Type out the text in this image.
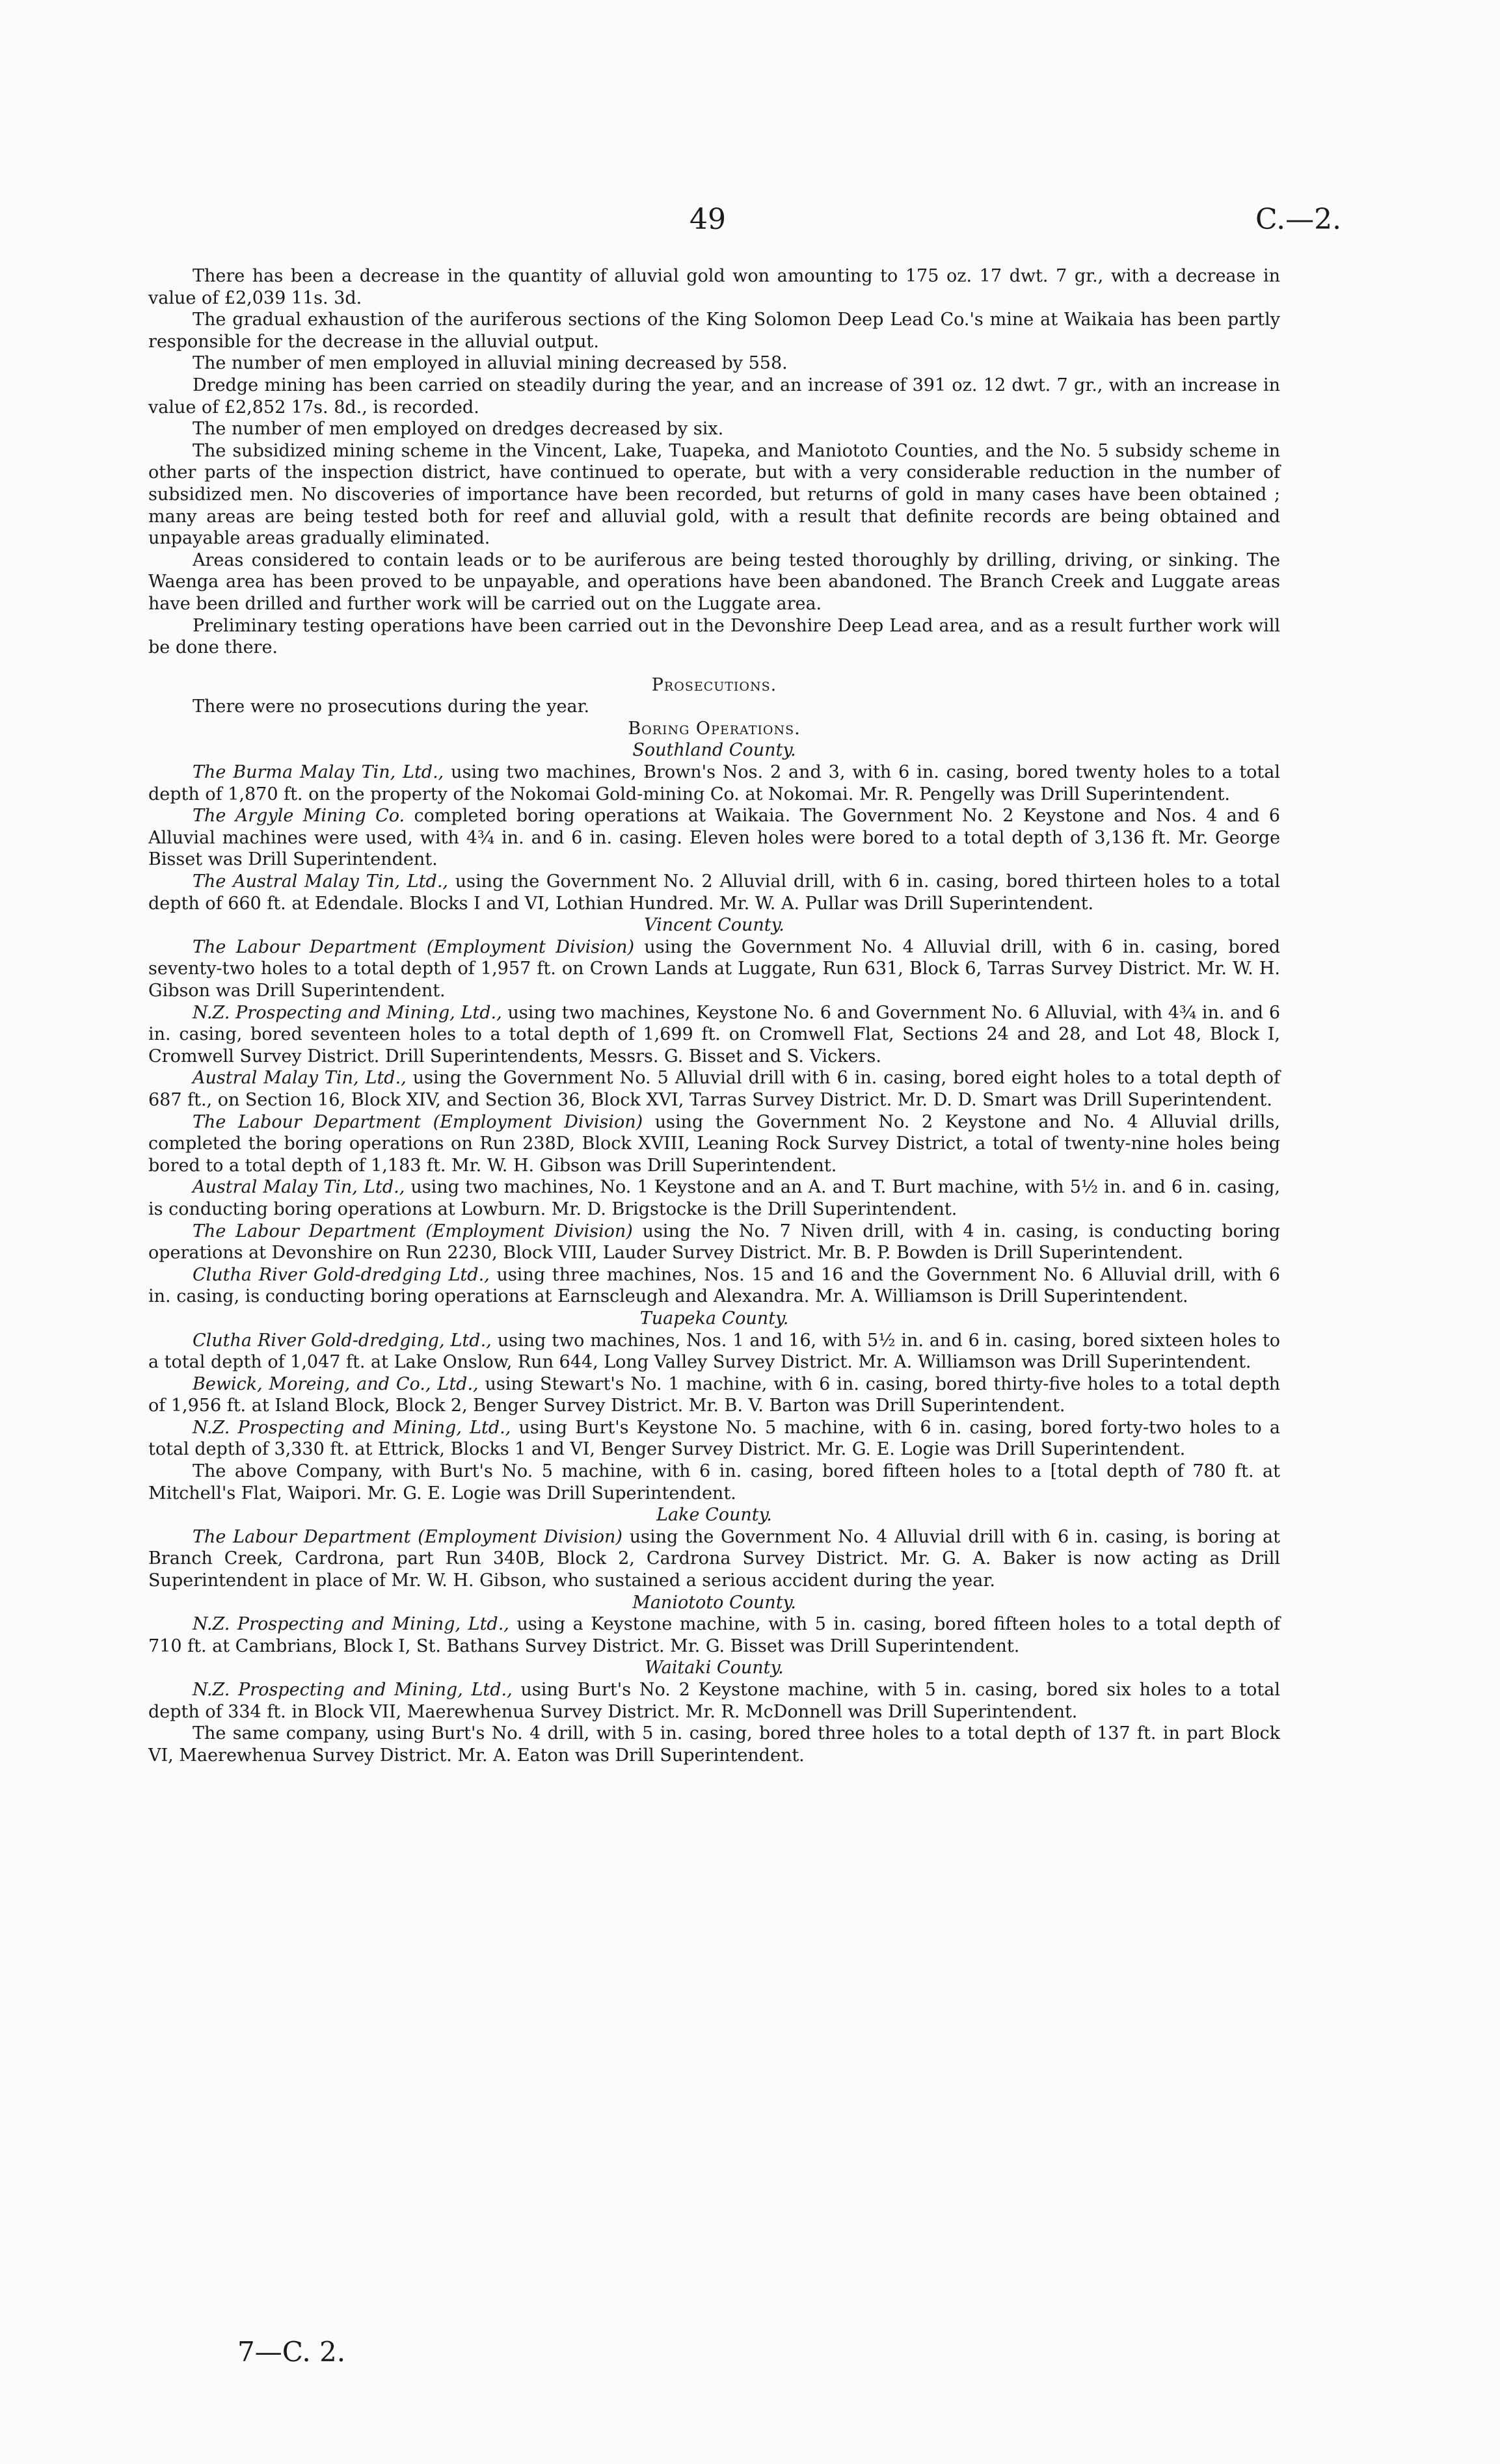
49	C.—2.

There has been a decrease in the quantity of alluvial gold won amounting to 175 oz. 17 dwt. 7 gr., with a decrease in value of £2,039 11s. 3d.

The gradual exhaustion of the auriferous sections of the King Solomon Deep Lead Co.'s mine at Waikaia has been partly responsible for the decrease in the alluvial output.

The number of men employed in alluvial mining decreased by 558.

Dredge mining has been carried on steadily during the year, and an increase of 391 oz. 12 dwt. 7 gr., with an increase in value of £2,852 17s. 8d., is recorded.

The number of men employed on dredges decreased by six.

The subsidized mining scheme in the Vincent, Lake, Tuapeka, and Maniototo Counties, and the No. 5 subsidy scheme in other parts of the inspection district, have continued to operate, but with a very considerable reduction in the number of subsidized men. No discoveries of importance have been recorded, but returns of gold in many cases have been obtained ; many areas are being tested both for reef and alluvial gold, with a result that definite records are being obtained and unpayable areas gradually eliminated.

Areas considered to contain leads or to be auriferous are being tested thoroughly by drilling, driving, or sinking. The Waenga area has been proved to be unpayable, and operations have been abandoned. The Branch Creek and Luggate areas have been drilled and further work will be carried out on the Luggate area.

Preliminary testing operations have been carried out in the Devonshire Deep Lead area, and as a result further work will be done there.

Prosecutions.

There were no prosecutions during the year.

Boring Operations.

Southland County.

The Burma Malay Tin, Ltd., using two machines, Brown's Nos. 2 and 3, with 6 in. casing, bored twenty holes to a total depth of 1,870 ft. on the property of the Nokomai Gold-mining Co. at Nokomai. Mr. R. Pengelly was Drill Superintendent.

The Argyle Mining Co. completed boring operations at Waikaia. The Government No. 2 Keystone and Nos. 4 and 6 Alluvial machines were used, with 4¾ in. and 6 in. casing. Eleven holes were bored to a total depth of 3,136 ft. Mr. George Bisset was Drill Superintendent.

The Austral Malay Tin, Ltd., using the Government No. 2 Alluvial drill, with 6 in. casing, bored thirteen holes to a total depth of 660 ft. at Edendale. Blocks I and VI, Lothian Hundred. Mr. W. A. Pullar was Drill Superintendent.

Vincent County.

The Labour Department (Employment Division) using the Government No. 4 Alluvial drill, with 6 in. casing, bored seventy-two holes to a total depth of 1,957 ft. on Crown Lands at Luggate, Run 631, Block 6, Tarras Survey District. Mr. W. H. Gibson was Drill Superintendent.

N.Z. Prospecting and Mining, Ltd., using two machines, Keystone No. 6 and Government No. 6 Alluvial, with 4¾ in. and 6 in. casing, bored seventeen holes to a total depth of 1,699 ft. on Cromwell Flat, Sections 24 and 28, and Lot 48, Block I, Cromwell Survey District. Drill Superintendents, Messrs. G. Bisset and S. Vickers.

Austral Malay Tin, Ltd., using the Government No. 5 Alluvial drill with 6 in. casing, bored eight holes to a total depth of 687 ft., on Section 16, Block XIV, and Section 36, Block XVI, Tarras Survey District. Mr. D. D. Smart was Drill Superintendent.

The Labour Department (Employment Division) using the Government No. 2 Keystone and No. 4 Alluvial drills, completed the boring operations on Run 238D, Block XVIII, Leaning Rock Survey District, a total of twenty-nine holes being bored to a total depth of 1,183 ft. Mr. W. H. Gibson was Drill Superintendent.

Austral Malay Tin, Ltd., using two machines, No. 1 Keystone and an A. and T. Burt machine, with 5½ in. and 6 in. casing, is conducting boring operations at Lowburn. Mr. D. Brigstocke is the Drill Superintendent.

The Labour Department (Employment Division) using the No. 7 Niven drill, with 4 in. casing, is conducting boring operations at Devonshire on Run 2230, Block VIII, Lauder Survey District. Mr. B. P. Bowden is Drill Superintendent.

Clutha River Gold-dredging Ltd., using three machines, Nos. 15 and 16 and the Government No. 6 Alluvial drill, with 6 in. casing, is conducting boring operations at Earnscleugh and Alexandra. Mr. A. Williamson is Drill Superintendent.

Tuapeka County.

Clutha River Gold-dredging, Ltd., using two machines, Nos. 1 and 16, with 5½ in. and 6 in. casing, bored sixteen holes to a total depth of 1,047 ft. at Lake Onslow, Run 644, Long Valley Survey District. Mr. A. Williamson was Drill Superintendent.

Bewick, Moreing, and Co., Ltd., using Stewart's No. 1 machine, with 6 in. casing, bored thirty-five holes to a total depth of 1,956 ft. at Island Block, Block 2, Benger Survey District. Mr. B. V. Barton was Drill Superintendent.

N.Z. Prospecting and Mining, Ltd., using Burt's Keystone No. 5 machine, with 6 in. casing, bored forty-two holes to a total depth of 3,330 ft. at Ettrick, Blocks 1 and VI, Benger Survey District. Mr. G. E. Logie was Drill Superintendent.

The above Company, with Burt's No. 5 machine, with 6 in. casing, bored fifteen holes to a [total depth of 780 ft. at Mitchell's Flat, Waipori. Mr. G. E. Logie was Drill Superintendent.

Lake County.

The Labour Department (Employment Division) using the Government No. 4 Alluvial drill with 6 in. casing, is boring at Branch Creek, Cardrona, part Run 340B, Block 2, Cardrona Survey District. Mr. G. A. Baker is now acting as Drill Superintendent in place of Mr. W. H. Gibson, who sustained a serious accident during the year.

Maniototo County.

N.Z. Prospecting and Mining, Ltd., using a Keystone machine, with 5 in. casing, bored fifteen holes to a total depth of 710 ft. at Cambrians, Block I, St. Bathans Survey District. Mr. G. Bisset was Drill Superintendent.

Waitaki County.

N.Z. Prospecting and Mining, Ltd., using Burt's No. 2 Keystone machine, with 5 in. casing, bored six holes to a total depth of 334 ft. in Block VII, Maerewhenua Survey District. Mr. R. McDonnell was Drill Superintendent.

The same company, using Burt's No. 4 drill, with 5 in. casing, bored three holes to a total depth of 137 ft. in part Block VI, Maerewhenua Survey District. Mr. A. Eaton was Drill Superintendent.

7—C. 2.
